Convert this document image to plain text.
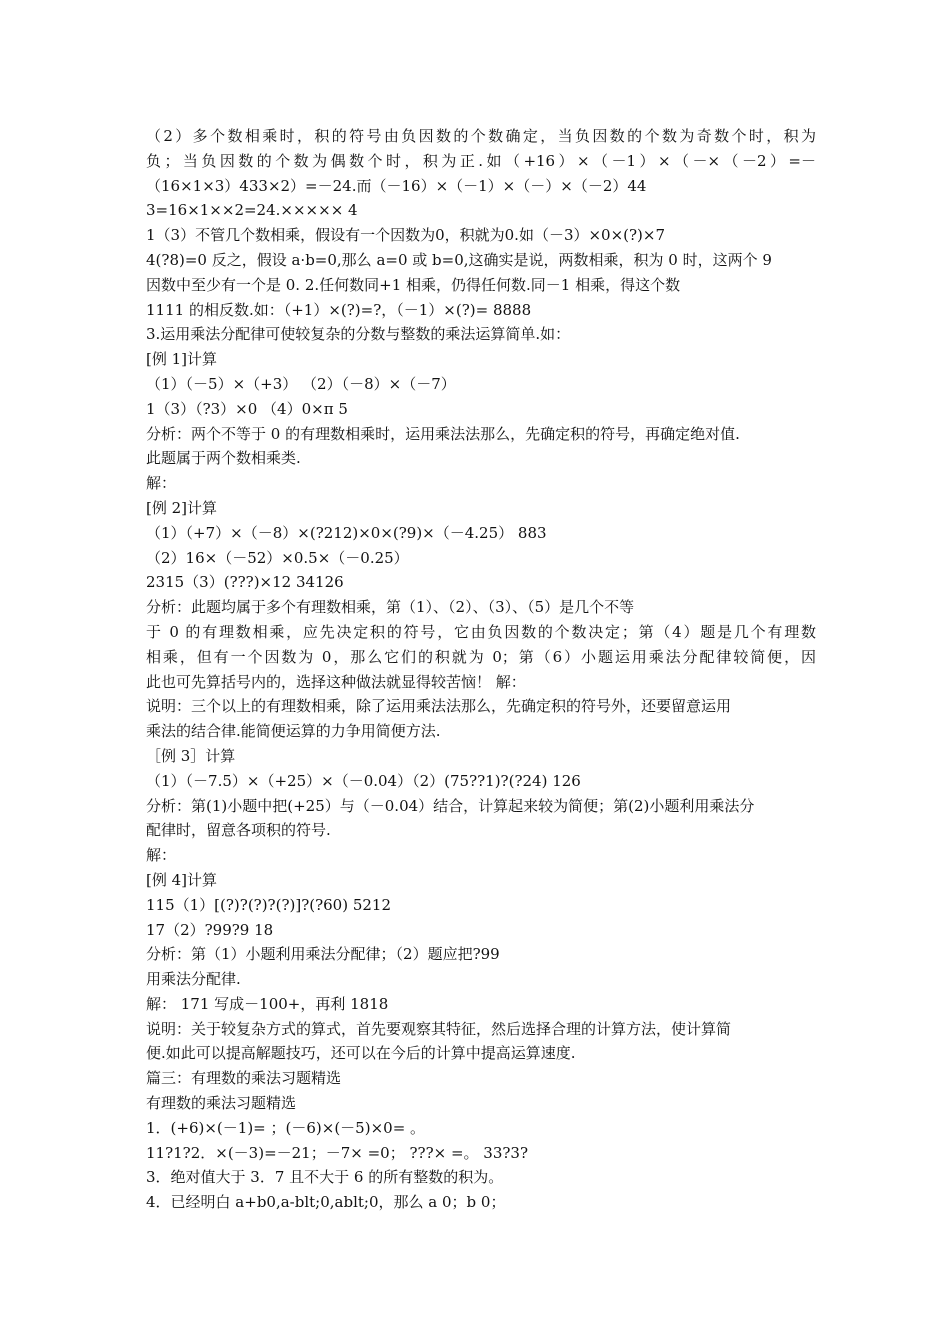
（2）多个数相乘时，积的符号由负因数的个数确定，当负因数的个数为奇数个时，积为
负；当负因数的个数为偶数个时，积为正.如（+16）×（－1）×（－×（－2）=－
（16×1×3）433×2）=－24.而（－16）×（－1）×（－）×（－2）44
3=16×1××2=24.××××× 4
1（3）不管几个数相乘，假设有一个因数为0，积就为0.如（－3）×0×(?)×7
4(?8)=0 反之，假设 a·b=0,那么 a=0 或 b=0,这确实是说，两数相乘，积为 0 时，这两个 9
因数中至少有一个是 0. 2.任何数同+1 相乘，仍得任何数.同－1 相乘，得这个数
1111 的相反数.如：（+1）×(?)=?，（－1）×(?)= 8888
3.运用乘法分配律可使较复杂的分数与整数的乘法运算简单.如：
[例 1]计算
（1）（－5）×（+3） （2）（－8）×（－7）
1（3）（?3）×0 （4）0×π 5
分析：两个不等于 0 的有理数相乘时，运用乘法法那么，先确定积的符号，再确定绝对值.
此题属于两个数相乘类.
解：
[例 2]计算
（1）（+7）×（－8）×(?212)×0×(?9)×（－4.25） 883
（2）16×（－52）×0.5×（－0.25）
2315（3）(???)×12 34126
分析：此题均属于多个有理数相乘，第（1）、（2）、（3）、（5）是几个不等
于 0 的有理数相乘，应先决定积的符号，它由负因数的个数决定；第（4）题是几个有理数
相乘，但有一个因数为 0，那么它们的积就为 0；第（6）小题运用乘法分配律较简便，因
此也可先算括号内的，选择这种做法就显得较苦恼！ 解：
说明：三个以上的有理数相乘，除了运用乘法法那么，先确定积的符号外，还要留意运用
乘法的结合律.能简便运算的力争用简便方法.
［例 3］计算
（1）（－7.5）×（+25）×（－0.04）（2）(75??1)?(?24) 126
分析：第(1)小题中把(+25）与（－0.04）结合，计算起来较为简便；第(2)小题利用乘法分
配律时，留意各项积的符号.
解：
[例 4]计算
115（1）[(?)?(?)?(?)]?(?60) 5212
17（2）?99?9 18
分析：第（1）小题利用乘法分配律；（2）题应把?99
用乘法分配律.
解： 171 写成－100+，再利 1818
说明：关于较复杂方式的算式，首先要观察其特征，然后选择合理的计算方法，使计算简
便.如此可以提高解题技巧，还可以在今后的计算中提高运算速度.
篇三：有理数的乘法习题精选
有理数的乘法习题精选
1．(+6)×(－1)= ；(－6)×(－5)×0= 。
11?1?2．×(－3)=－21；－7× =0； ???× =。 33?3?
3．绝对值大于 3．7 且不大于 6 的所有整数的积为。
4．已经明白 a+b0,a-blt;0,ablt;0，那么 a 0；b 0；
